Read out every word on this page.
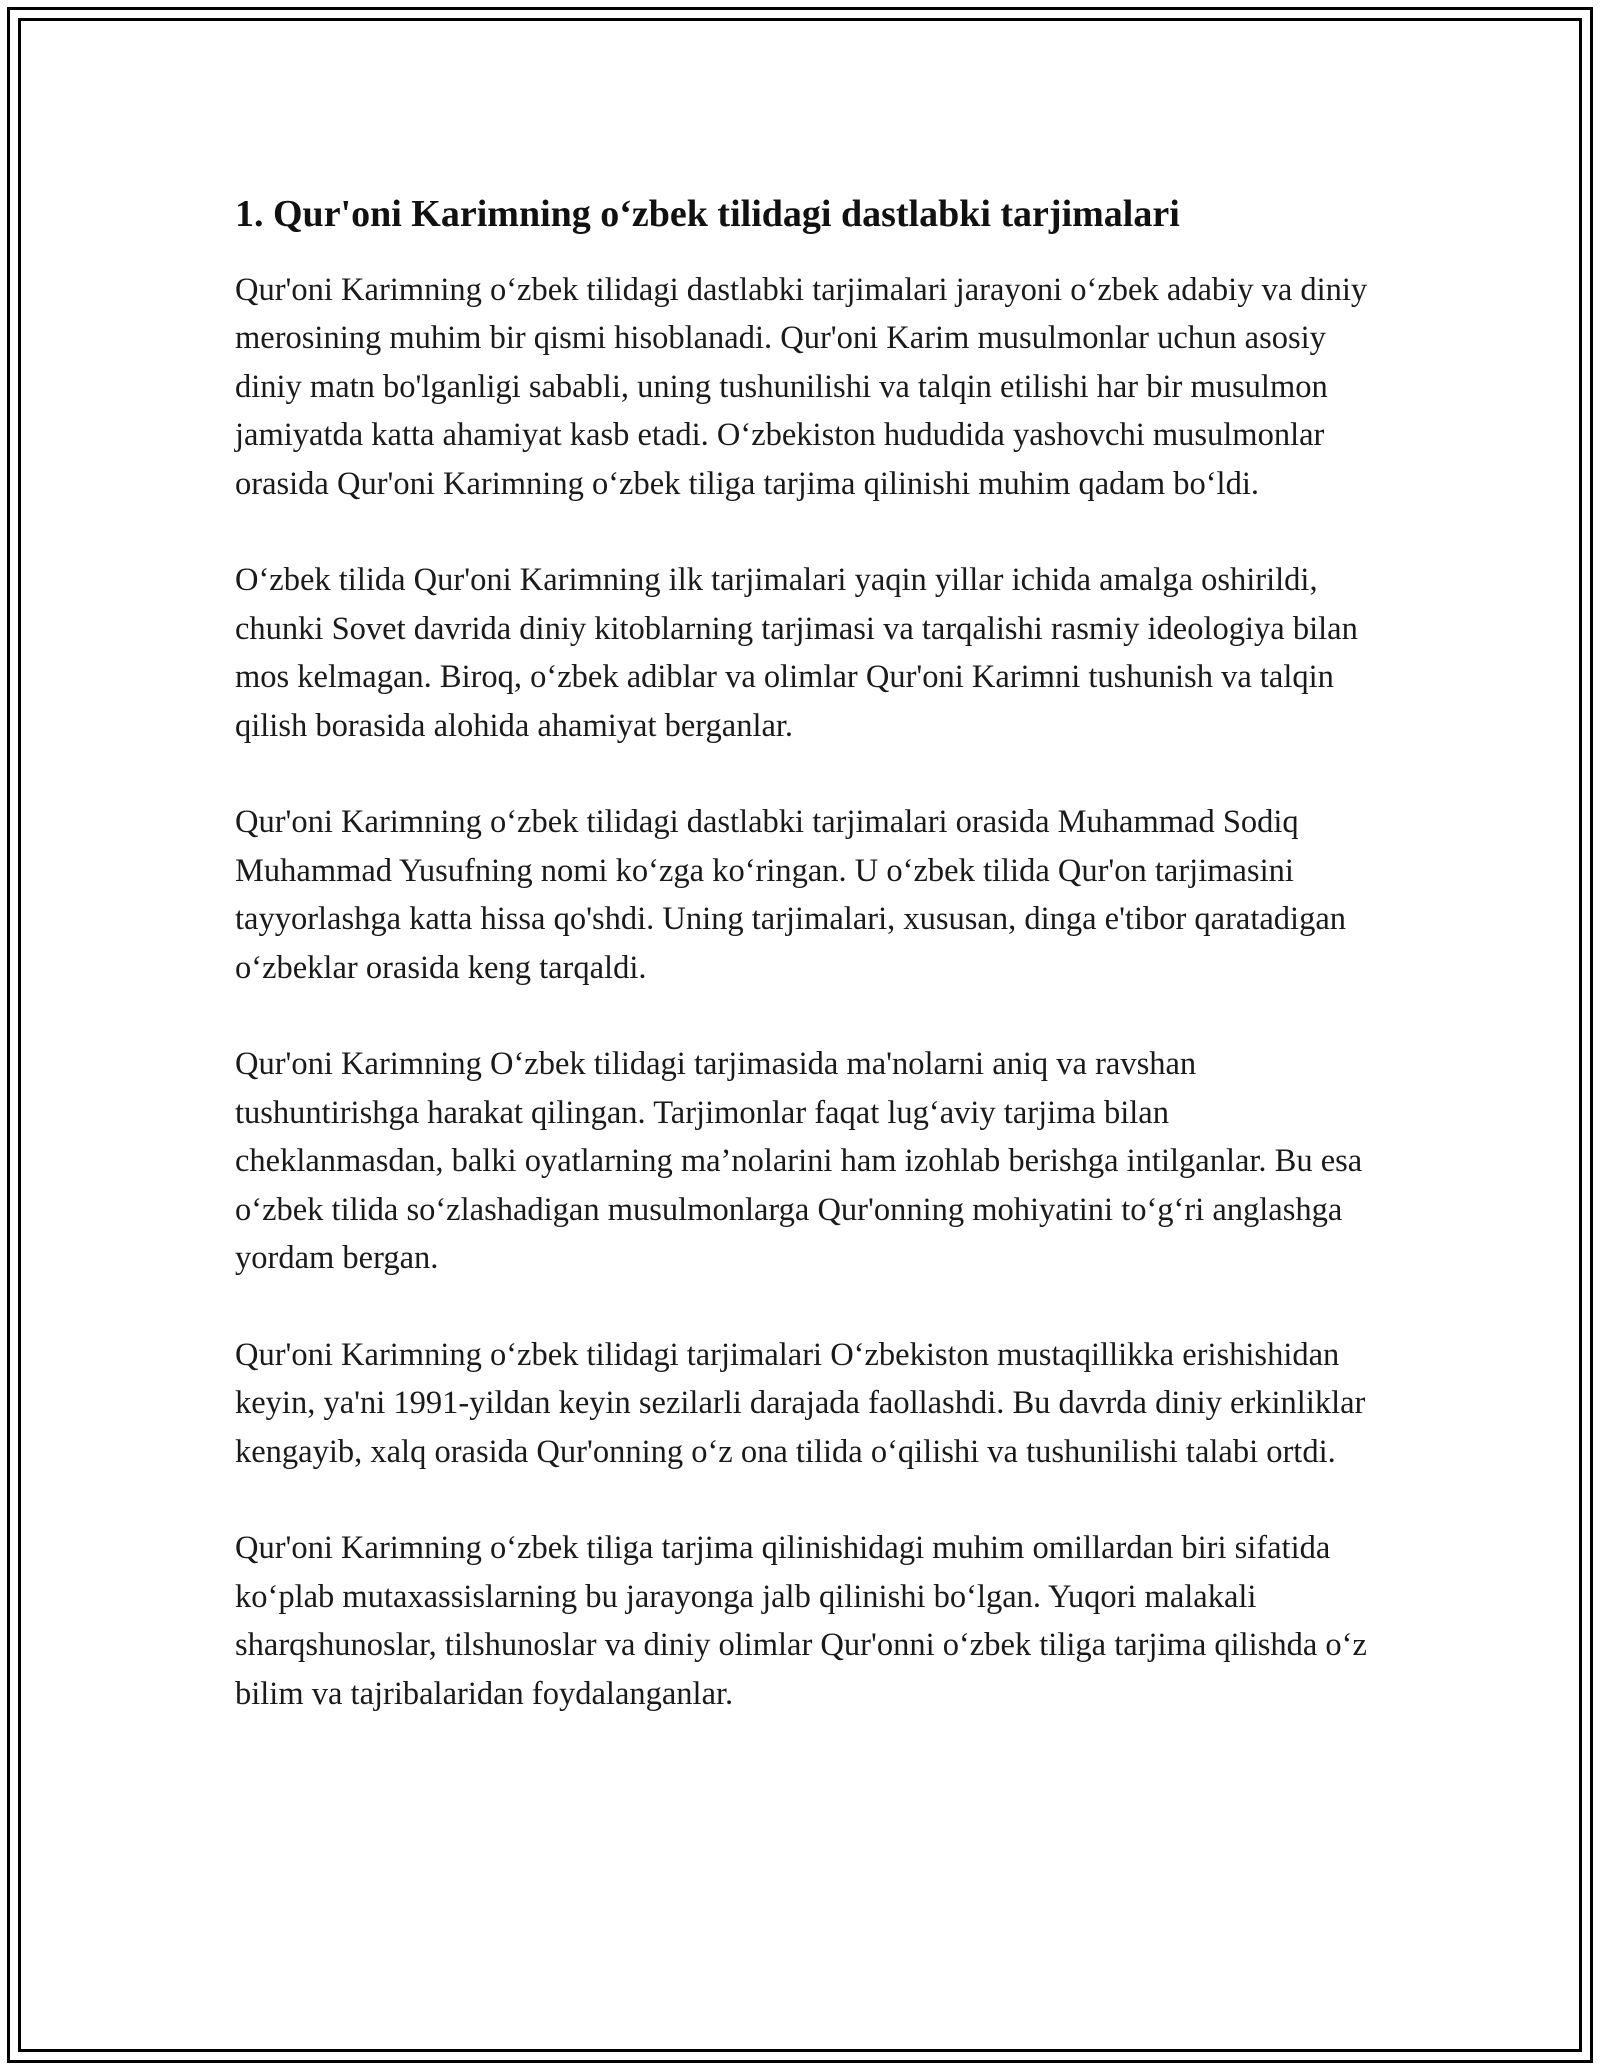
1. Qur'oni Karimning o‘zbek tilidagi dastlabki tarjimalari

Qur'oni Karimning o‘zbek tilidagi dastlabki tarjimalari jarayoni o‘zbek adabiy va diniy merosining muhim bir qismi hisoblanadi. Qur'oni Karim musulmonlar uchun asosiy diniy matn bo'lganligi sababli, uning tushunilishi va talqin etilishi har bir musulmon jamiyatda katta ahamiyat kasb etadi. O‘zbekiston hududida yashovchi musulmonlar orasida Qur'oni Karimning o‘zbek tiliga tarjima qilinishi muhim qadam bo‘ldi.

O‘zbek tilida Qur'oni Karimning ilk tarjimalari yaqin yillar ichida amalga oshirildi, chunki Sovet davrida diniy kitoblarning tarjimasi va tarqalishi rasmiy ideologiya bilan mos kelmagan. Biroq, o‘zbek adiblar va olimlar Qur'oni Karimni tushunish va talqin qilish borasida alohida ahamiyat berganlar.

Qur'oni Karimning o‘zbek tilidagi dastlabki tarjimalari orasida Muhammad Sodiq Muhammad Yusufning nomi ko‘zga ko‘ringan. U o‘zbek tilida Qur'on tarjimasini tayyorlashga katta hissa qo'shdi. Uning tarjimalari, xususan, dinga e'tibor qaratadigan o‘zbeklar orasida keng tarqaldi.

Qur'oni Karimning O‘zbek tilidagi tarjimasida ma'nolarni aniq va ravshan tushuntirishga harakat qilingan. Tarjimonlar faqat lug‘aviy tarjima bilan cheklanmasdan, balki oyatlarning ma’nolarini ham izohlab berishga intilganlar. Bu esa o‘zbek tilida so‘zlashadigan musulmonlarga Qur'onning mohiyatini to‘g‘ri anglashga yordam bergan.

Qur'oni Karimning o‘zbek tilidagi tarjimalari O‘zbekiston mustaqillikka erishishidan keyin, ya'ni 1991-yildan keyin sezilarli darajada faollashdi. Bu davrda diniy erkinliklar kengayib, xalq orasida Qur'onning o‘z ona tilida o‘qilishi va tushunilishi talabi ortdi.

Qur'oni Karimning o‘zbek tiliga tarjima qilinishidagi muhim omillardan biri sifatida ko‘plab mutaxassislarning bu jarayonga jalb qilinishi bo‘lgan. Yuqori malakali sharqshunoslar, tilshunoslar va diniy olimlar Qur'onni o‘zbek tiliga tarjima qilishda o‘z bilim va tajribalaridan foydalanganlar.
